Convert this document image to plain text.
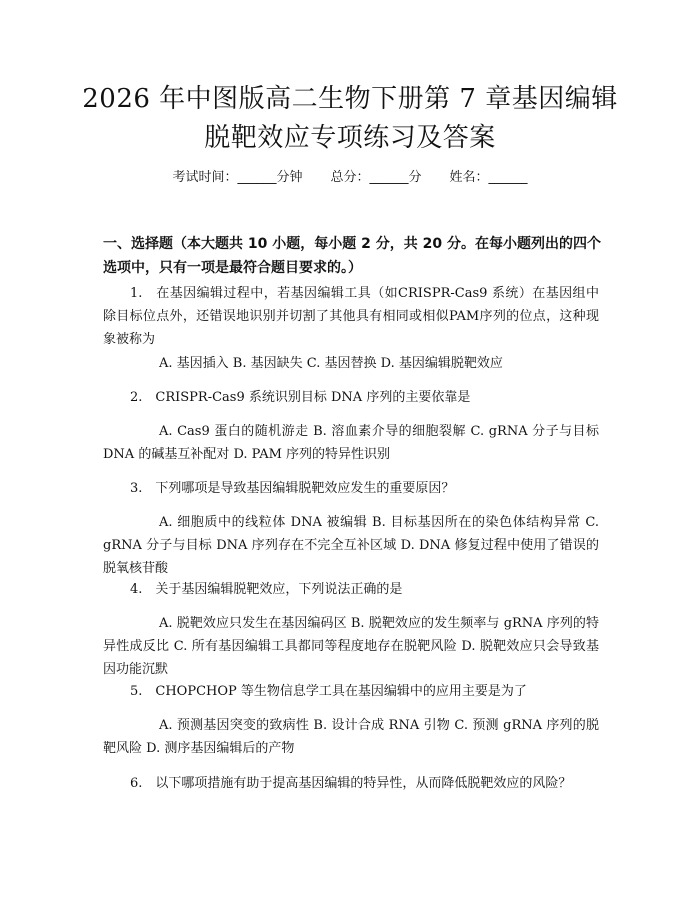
2026 年中图版高二生物下册第 7 章基因编辑
脱靶效应专项练习及答案
考试时间：______分钟 总分：______分 姓名：______
一、选择题（本大题共 10 小题，每小题 2 分，共 20 分。在每小题列出的四个选项中，只有一项是最符合题目要求的。）
1.　在基因编辑过程中，若基因编辑工具（如CRISPR-Cas9 系统）在基因组中除目标位点外，还错误地识别并切割了其他具有相同或相似PAM序列的位点，这种现象被称为
A. 基因插入 B. 基因缺失 C. 基因替换 D. 基因编辑脱靶效应
2.　CRISPR-Cas9 系统识别目标 DNA 序列的主要依靠是
A. Cas9 蛋白的随机游走 B. 溶血素介导的细胞裂解 C. gRNA 分子与目标 DNA 的碱基互补配对 D. PAM 序列的特异性识别
3.　下列哪项是导致基因编辑脱靶效应发生的重要原因？
A. 细胞质中的线粒体 DNA 被编辑 B. 目标基因所在的染色体结构异常 C. gRNA 分子与目标 DNA 序列存在不完全互补区域 D. DNA 修复过程中使用了错误的脱氧核苷酸
4.　关于基因编辑脱靶效应，下列说法正确的是
A. 脱靶效应只发生在基因编码区 B. 脱靶效应的发生频率与 gRNA 序列的特异性成反比 C. 所有基因编辑工具都同等程度地存在脱靶风险 D. 脱靶效应只会导致基因功能沉默
5.　CHOPCHOP 等生物信息学工具在基因编辑中的应用主要是为了
A. 预测基因突变的致病性 B. 设计合成 RNA 引物 C. 预测 gRNA 序列的脱靶风险 D. 测序基因编辑后的产物
6.　以下哪项措施有助于提高基因编辑的特异性，从而降低脱靶效应的风险？
